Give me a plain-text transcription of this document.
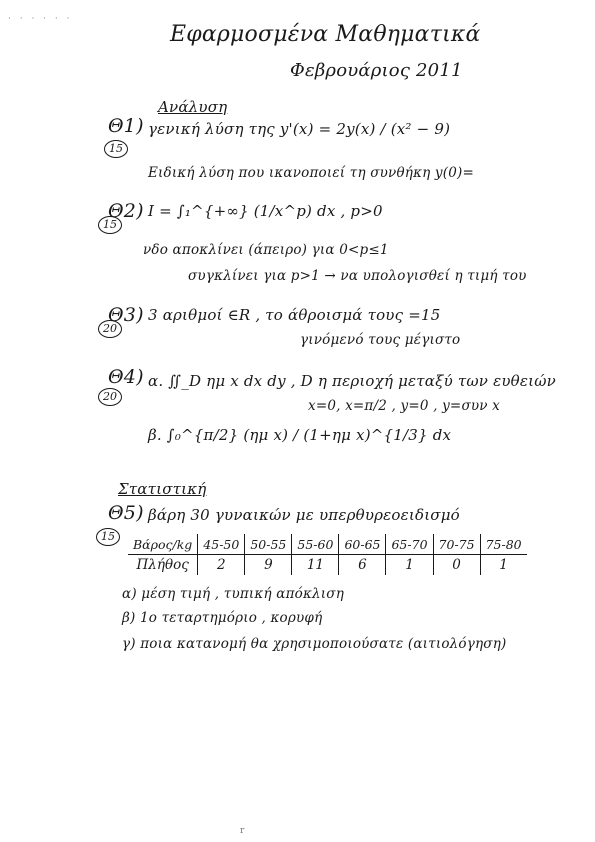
· · · · · ·
Εφαρμοσμένα Μαθηματικά
Φεβρουάριος 2011
Ανάλυση
Θ1)
15
γενική λύση της y'(x) = 2y(x) / (x² − 9)
Ειδική λύση που ικανοποιεί τη συνθήκη y(0)=
Θ2)
15
I = ∫₁^{+∞} (1/x^p) dx , p>0
νδο αποκλίνει (άπειρο) για 0<p≤1
συγκλίνει για p>1 → να υπολογισθεί η τιμή του
Θ3)
20
3 αριθμοί ∈R , το άθροισμά τους =15
γινόμενό τους μέγιστο
Θ4)
20
α. ∬_D ημ x dx dy , D η περιοχή μεταξύ των ευθειών
x=0, x=π/2 , y=0 , y=συν x
β. ∫₀^{π/2} (ημ x) / (1+ημ x)^{1/3} dx
Στατιστική
Θ5)
15
βάρη 30 γυναικών με υπερθυρεοειδισμό
Βάρος/kg	45-50	50-55	55-60	60-65	65-70	70-75	75-80
Πλήθος	2	9	11	6	1	0	1
α) μέση τιμή , τυπική απόκλιση
β) 1ο τεταρτημόριο , κορυφή
γ) ποια κατανομή θα χρησιμοποιούσατε (αιτιολόγηση)
r
